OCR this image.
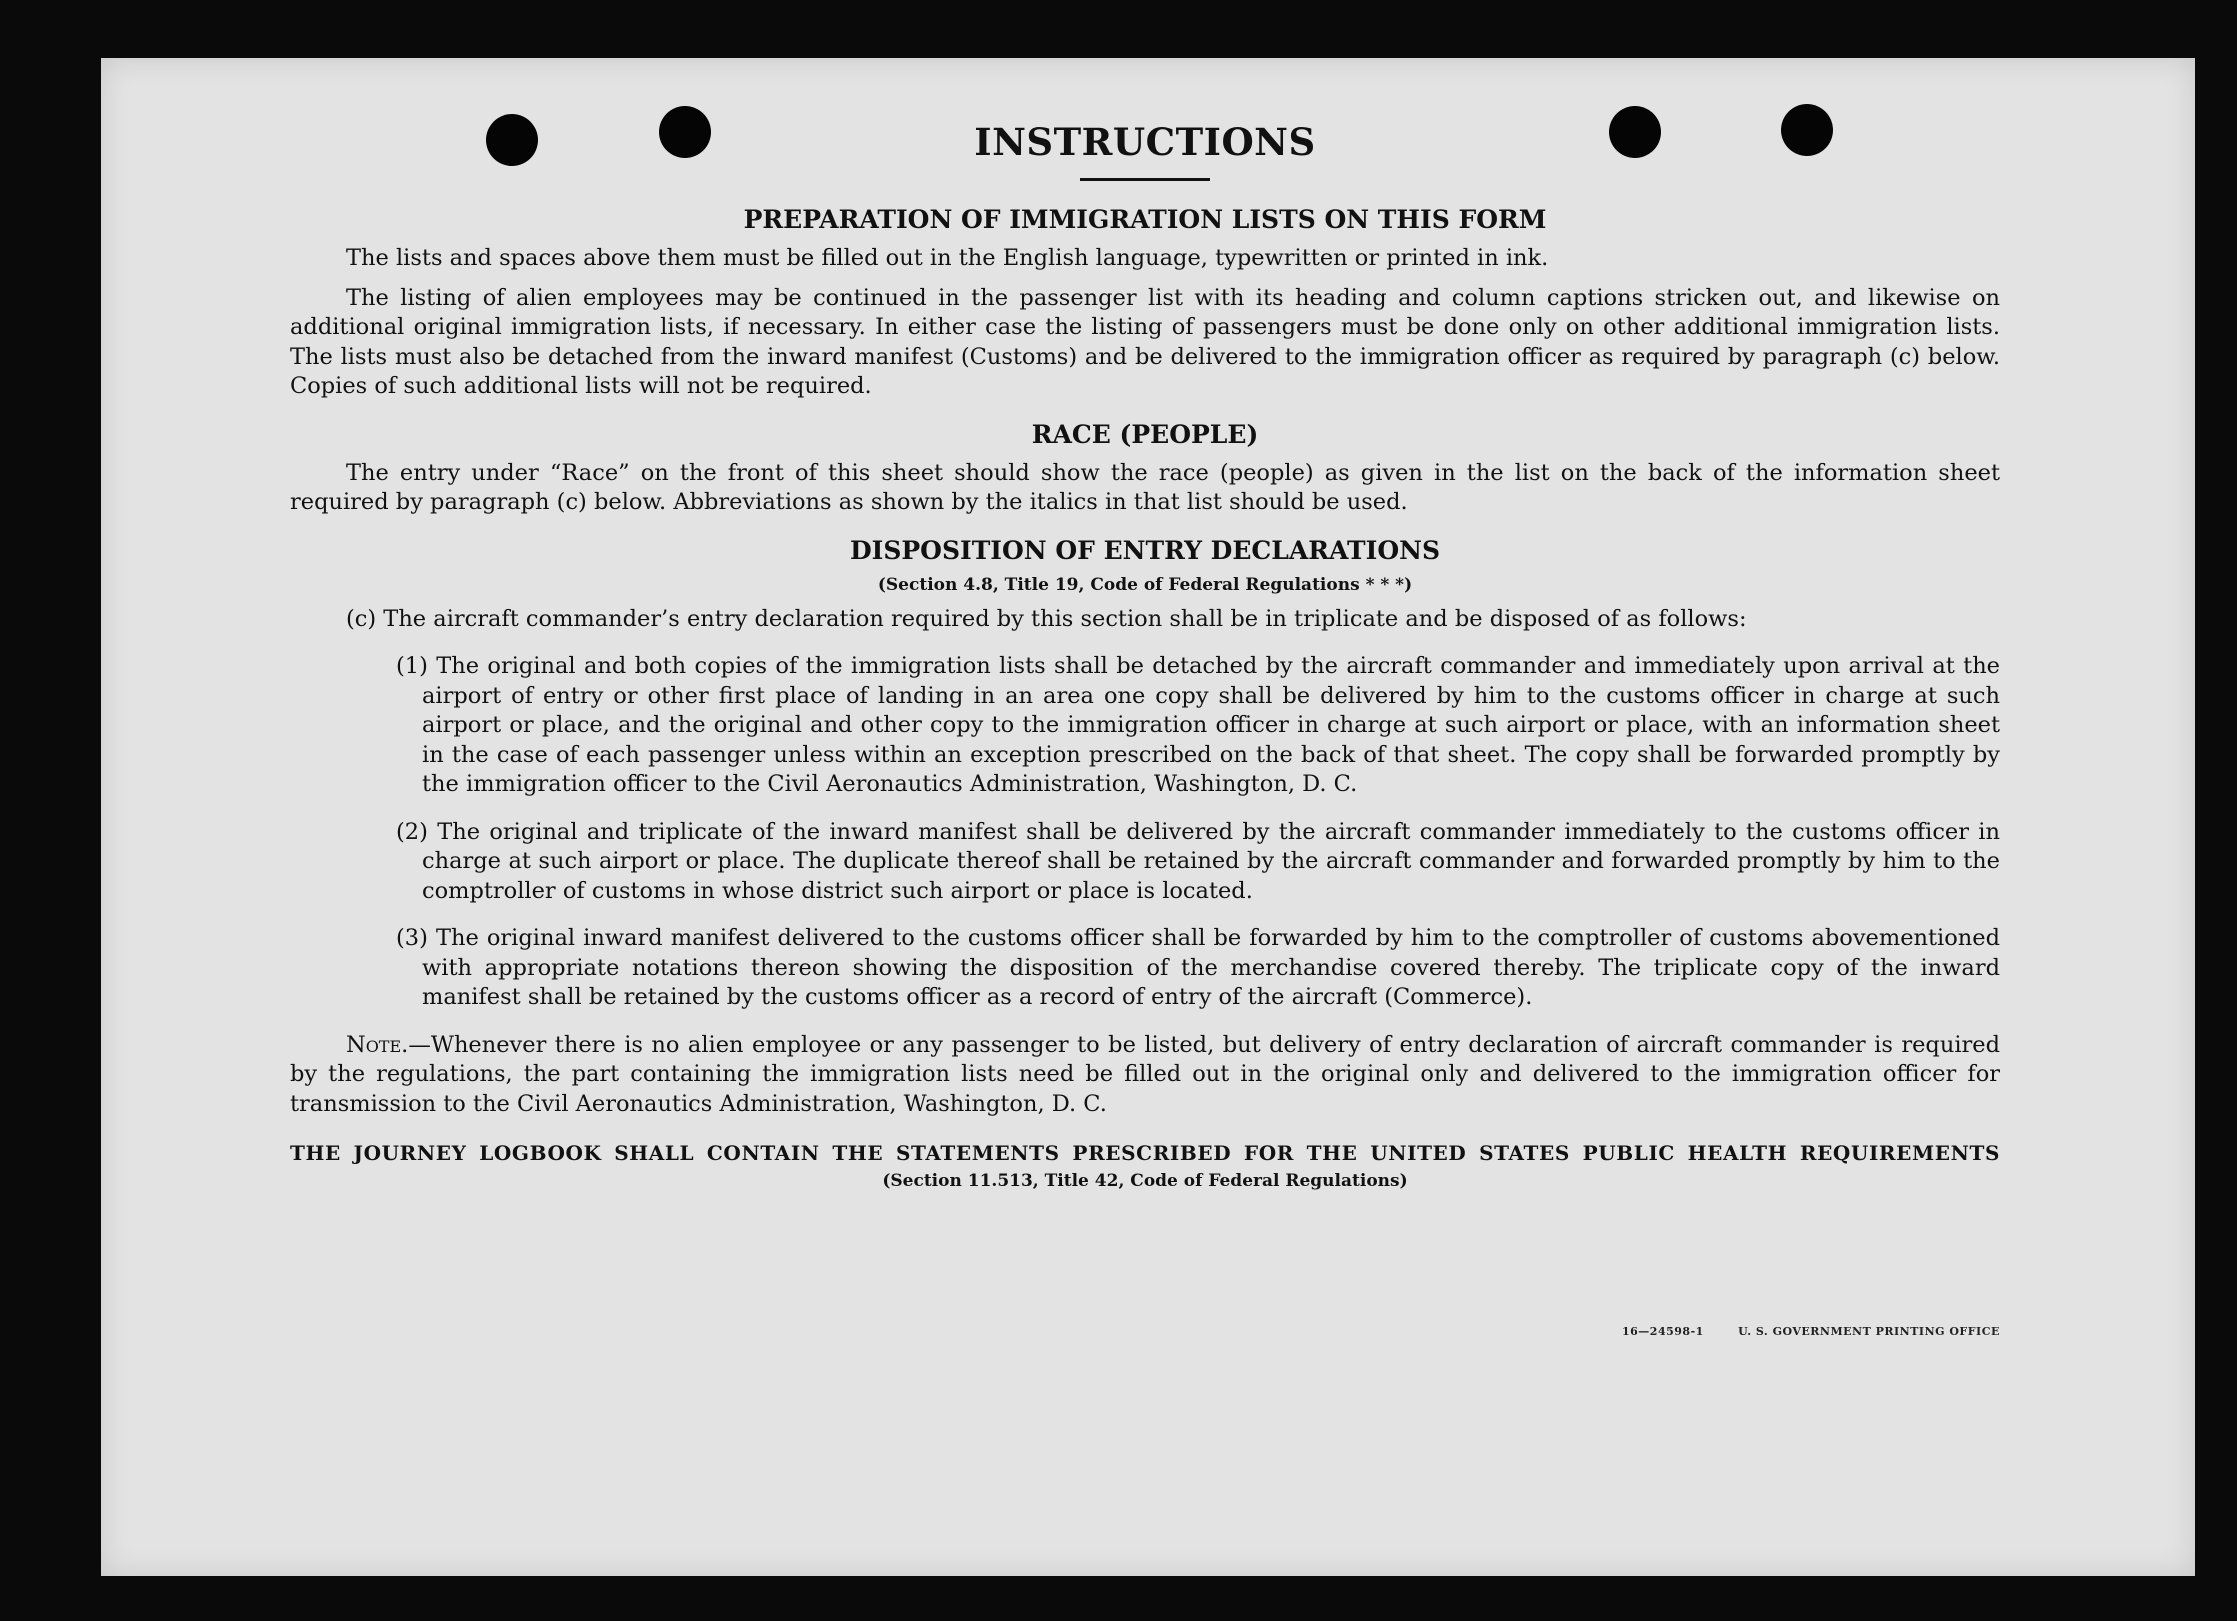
INSTRUCTIONS
PREPARATION OF IMMIGRATION LISTS ON THIS FORM

The lists and spaces above them must be filled out in the English language, typewritten or printed in ink.

The listing of alien employees may be continued in the passenger list with its heading and column captions stricken out, and likewise on additional original immigration lists, if necessary. In either case the listing of passengers must be done only on other additional immigration lists. The lists must also be detached from the inward manifest (Customs) and be delivered to the immigration officer as required by paragraph (c) below. Copies of such additional lists will not be required.

RACE (PEOPLE)

The entry under “Race” on the front of this sheet should show the race (people) as given in the list on the back of the information sheet required by paragraph (c) below. Abbreviations as shown by the italics in that list should be used.

DISPOSITION OF ENTRY DECLARATIONS
(Section 4.8, Title 19, Code of Federal Regulations * * *)

(c) The aircraft commander’s entry declaration required by this section shall be in triplicate and be disposed of as follows:

(1) The original and both copies of the immigration lists shall be detached by the aircraft commander and immediately upon arrival at the airport of entry or other first place of landing in an area one copy shall be delivered by him to the customs officer in charge at such airport or place, and the original and other copy to the immigration officer in charge at such airport or place, with an information sheet in the case of each passenger unless within an exception prescribed on the back of that sheet. The copy shall be forwarded promptly by the immigration officer to the Civil Aeronautics Administration, Washington, D. C.
(2) The original and triplicate of the inward manifest shall be delivered by the aircraft commander immediately to the customs officer in charge at such airport or place. The duplicate thereof shall be retained by the aircraft commander and forwarded promptly by him to the comptroller of customs in whose district such airport or place is located.
(3) The original inward manifest delivered to the customs officer shall be forwarded by him to the comptroller of customs abovementioned with appropriate notations thereon showing the disposition of the merchandise covered thereby. The triplicate copy of the inward manifest shall be retained by the customs officer as a record of entry of the aircraft (Commerce).

Note.—Whenever there is no alien employee or any passenger to be listed, but delivery of entry declaration of aircraft commander is required by the regulations, the part containing the immigration lists need be filled out in the original only and delivered to the immigration officer for transmission to the Civil Aeronautics Administration, Washington, D. C.

THE JOURNEY LOGBOOK SHALL CONTAIN THE STATEMENTS PRESCRIBED FOR THE UNITED STATES PUBLIC HEALTH REQUIREMENTS
(Section 11.513, Title 42, Code of Federal Regulations)
16—24598-1	U. S. GOVERNMENT PRINTING OFFICE
